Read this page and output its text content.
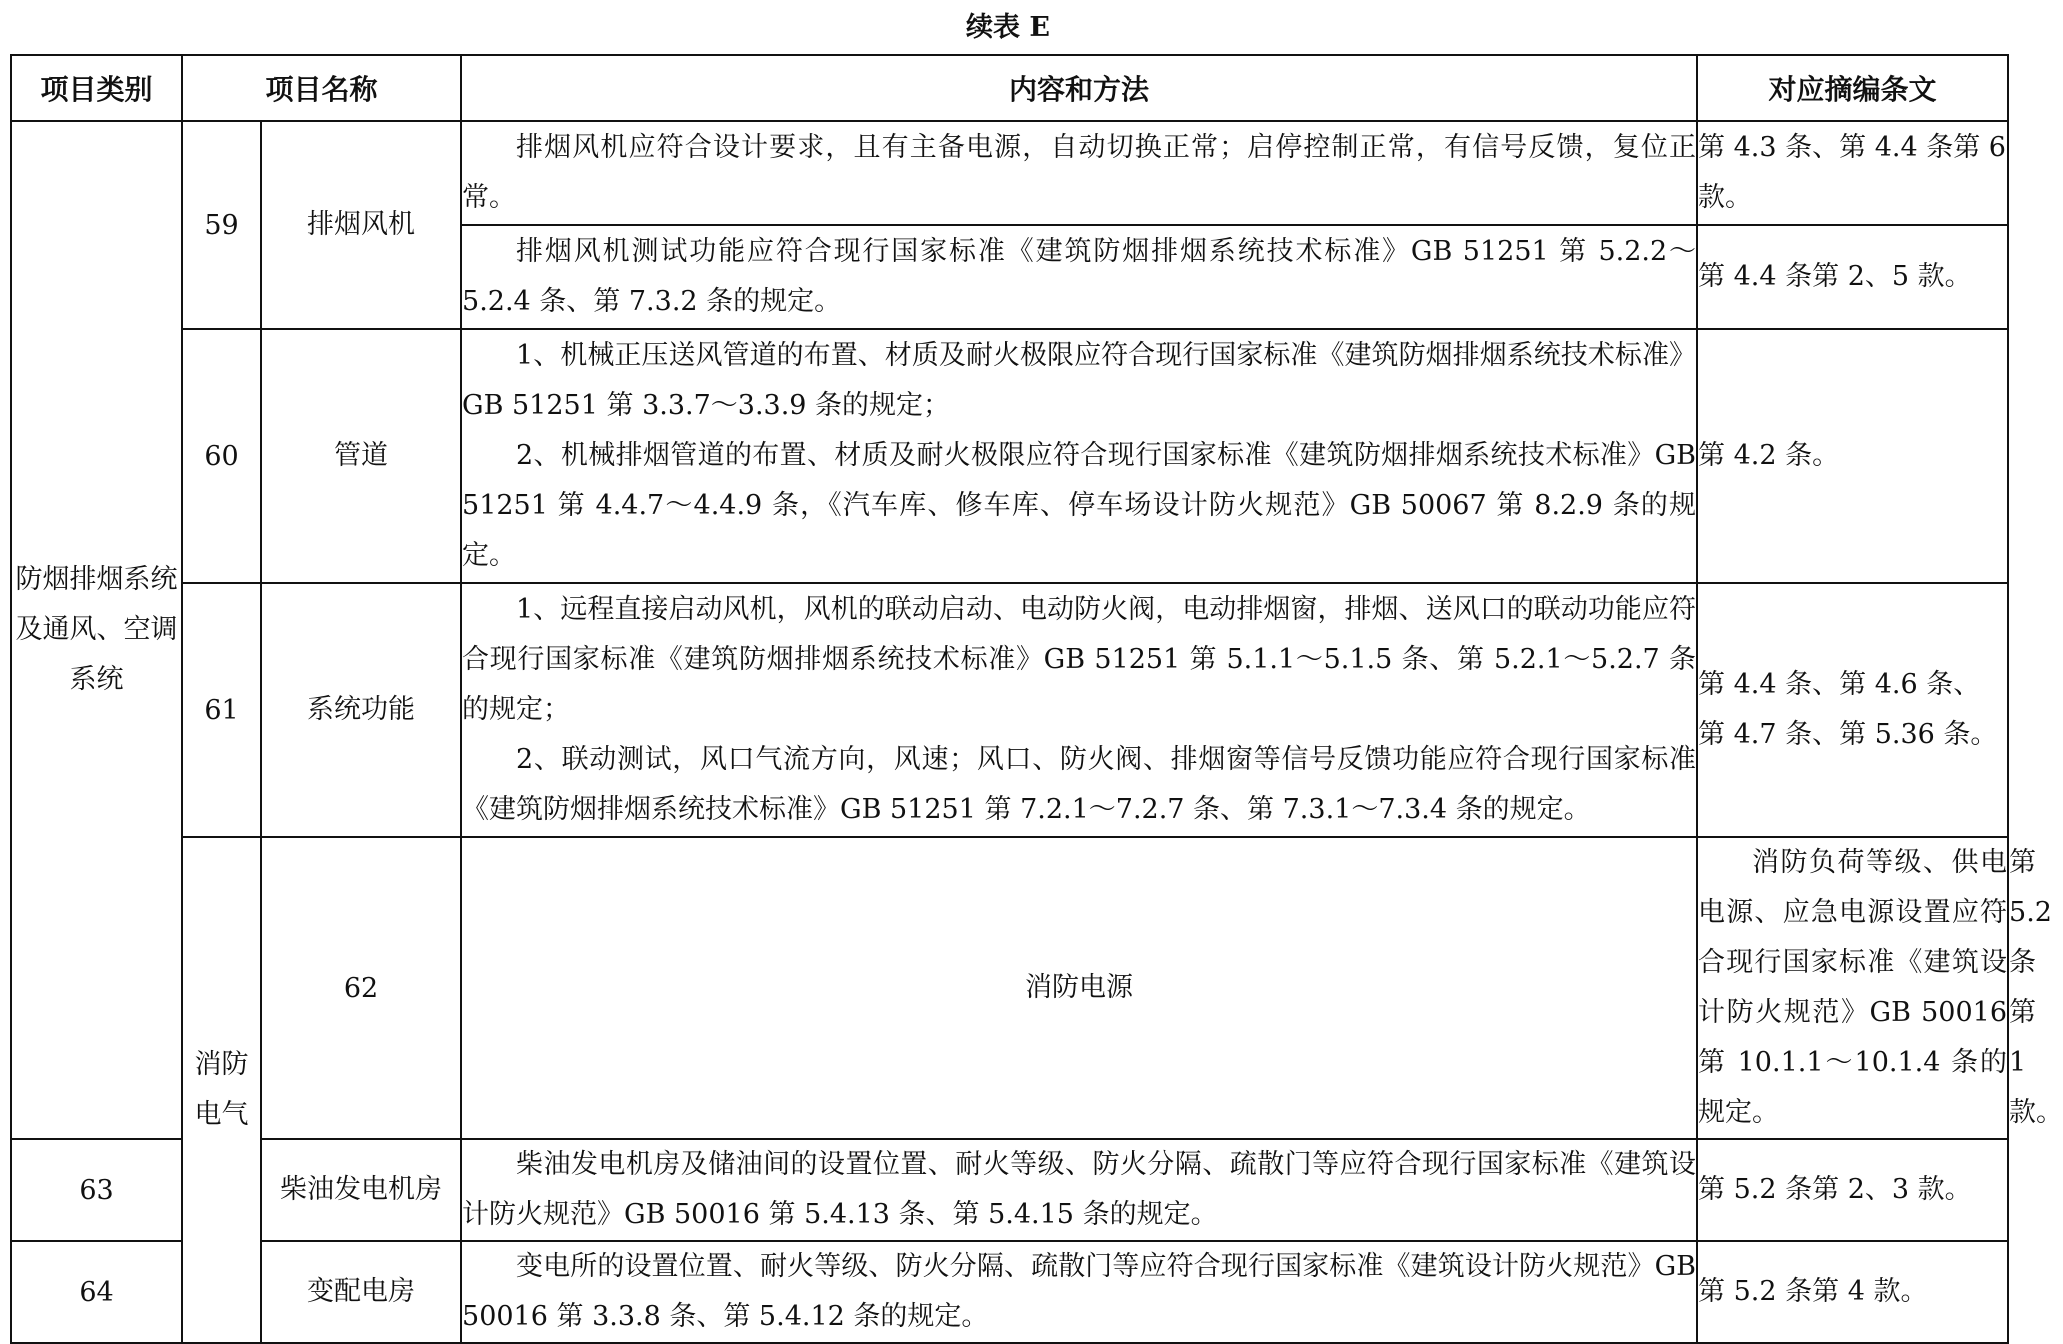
续表 E
项目类别	项目名称		内容和方法	对应摘编条文	
防烟排烟系统及通风、空调系统	59	排烟风机	排烟风机应符合设计要求，且有主备电源，自动切换正常；启停控制正常，有信号反馈，复位正常。	第 4.3 条、第 4.4 条第 6 款。	

			排烟风机测试功能应符合现行国家标准《建筑防烟排烟系统技术标准》GB 51251 第 5.2.2～5.2.4 条、第 7.3.2 条的规定。	第 4.4 条第 2、5 款。	
	60	管道	1、机械正压送风管道的布置、材质及耐火极限应符合现行国家标准《建筑防烟排烟系统技术标准》GB 51251 第 3.3.7～3.3.9 条的规定；

2、机械排烟管道的布置、材质及耐火极限应符合现行国家标准《建筑防烟排烟系统技术标准》GB 51251 第 4.4.7～4.4.9 条，《汽车库、修车库、停车场设计防火规范》GB 50067 第 8.2.9 条的规定。	第 4.2 条。	
	61	系统功能	1、远程直接启动风机，风机的联动启动、电动防火阀，电动排烟窗，排烟、送风口的联动功能应符合现行国家标准《建筑防烟排烟系统技术标准》GB 51251 第 5.1.1～5.1.5 条、第 5.2.1～5.2.7 条的规定；

2、联动测试，风口气流方向，风速；风口、防火阀、排烟窗等信号反馈功能应符合现行国家标准《建筑防烟排烟系统技术标准》GB 51251 第 7.2.1～7.2.7 条、第 7.3.1～7.3.4 条的规定。	第 4.4 条、第 4.6 条、第 4.7 条、第 5.36 条。	
	消防电气	62	消防电源	消防负荷等级、供电电源、应急电源设置应符合现行国家标准《建筑设计防火规范》GB 50016 第 10.1.1～10.1.4 条的规定。	第 5.2 条第 1 款。
63		柴油发电机房	柴油发电机房及储油间的设置位置、耐火等级、防火分隔、疏散门等应符合现行国家标准《建筑设计防火规范》GB 50016 第 5.4.13 条、第 5.4.15 条的规定。	第 5.2 条第 2、3 款。	
64		变配电房	变电所的设置位置、耐火等级、防火分隔、疏散门等应符合现行国家标准《建筑设计防火规范》GB 50016 第 3.3.8 条、第 5.4.12 条的规定。	第 5.2 条第 4 款。	
